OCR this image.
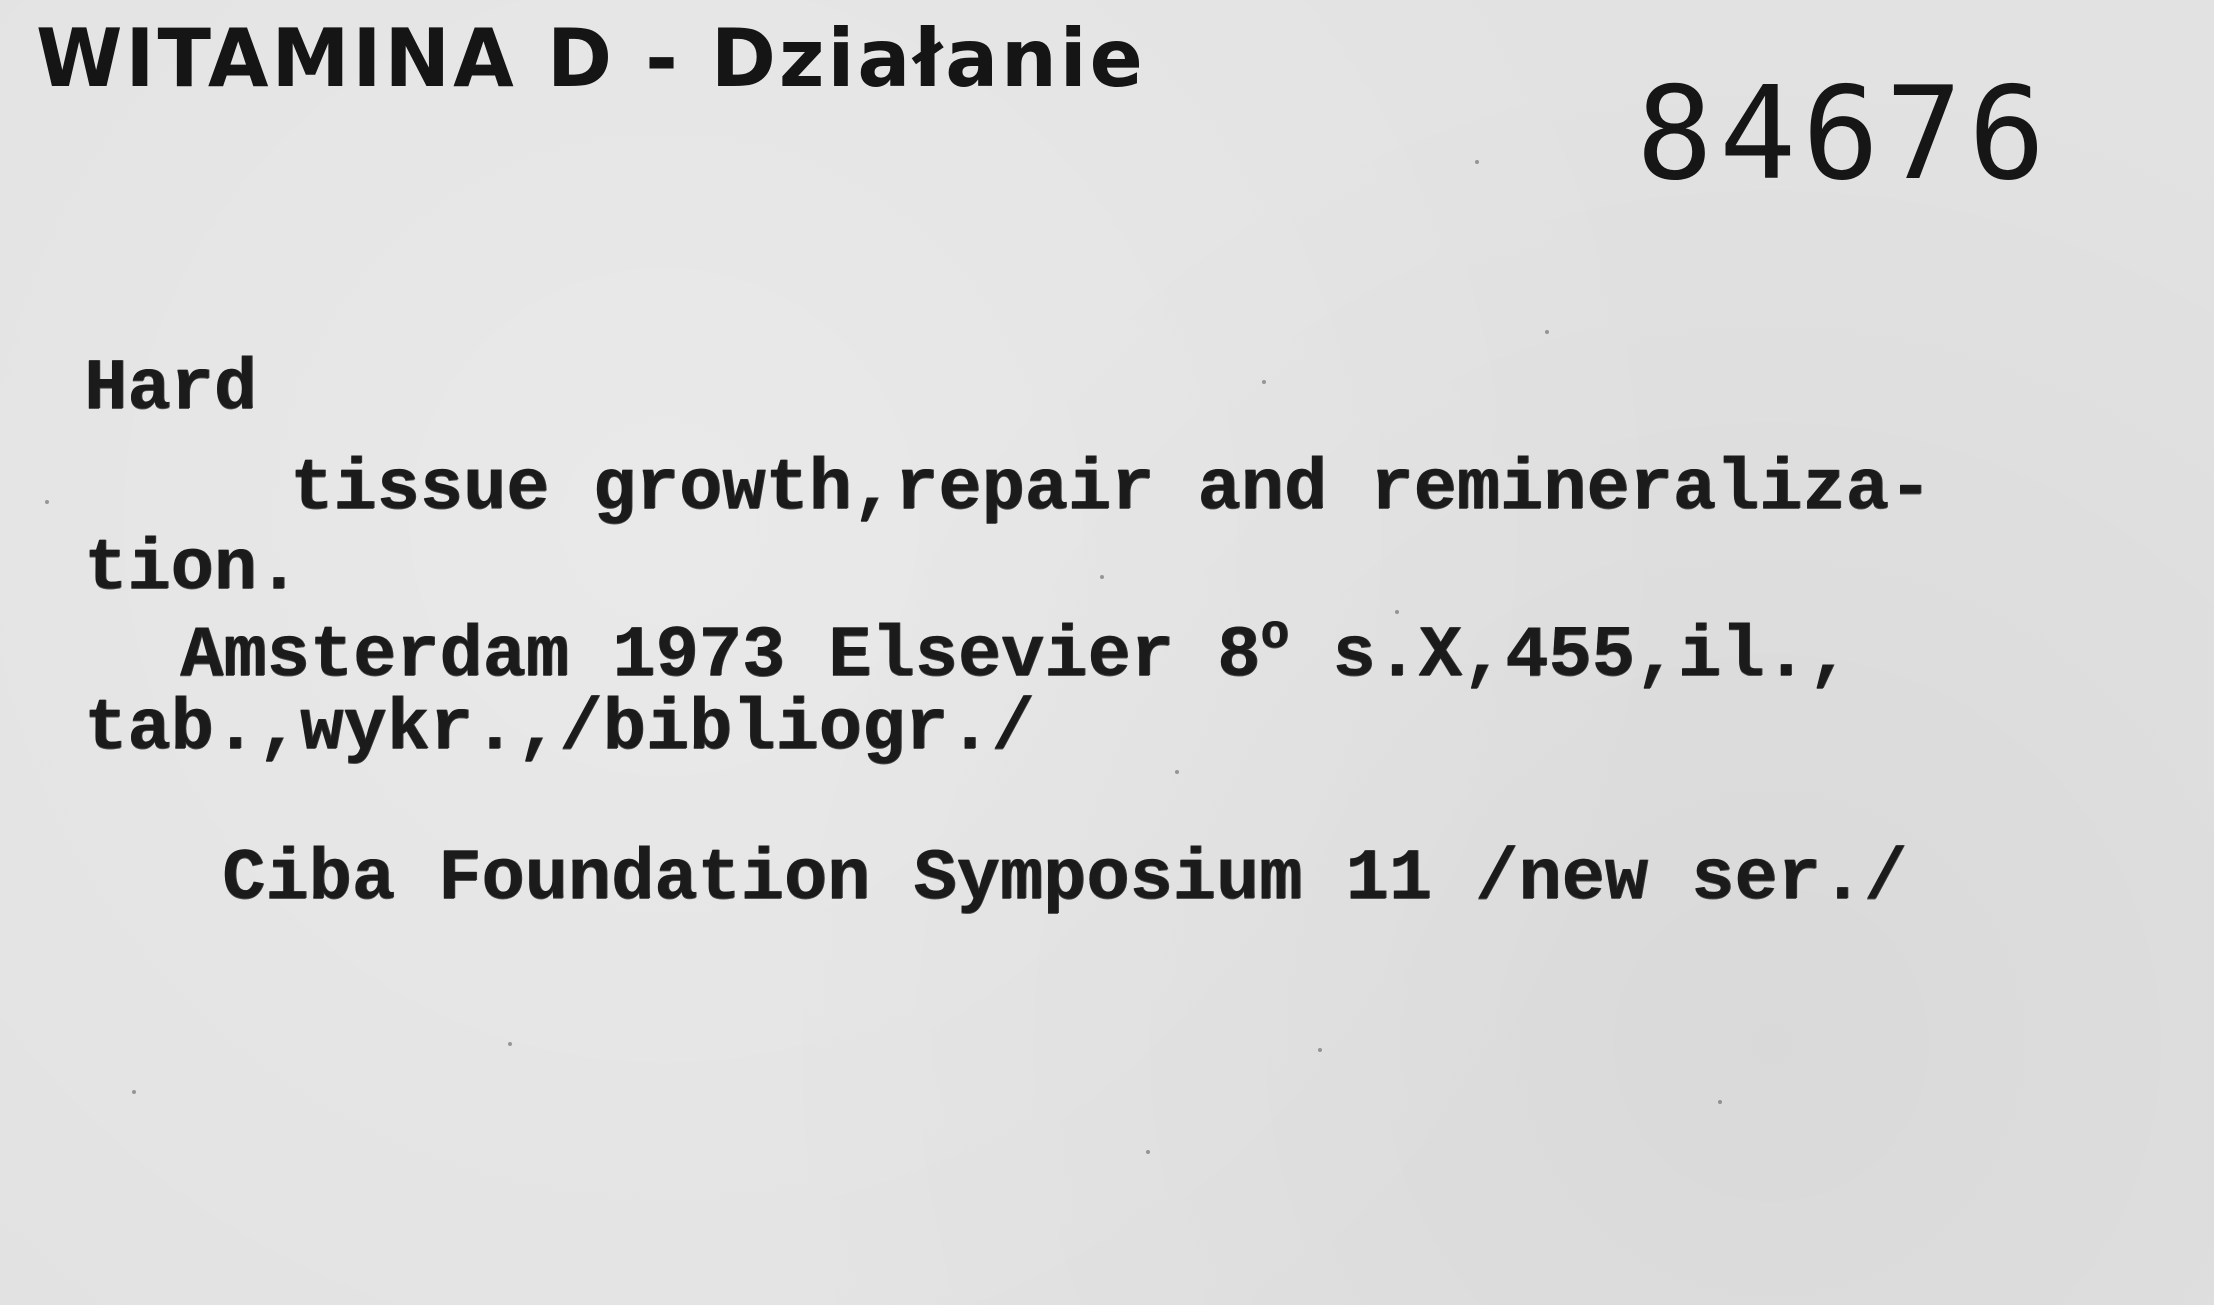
WITAMINA D - Działanie
84676
Hard
tissue growth,repair and remineraliza-
tion.
Amsterdam 1973 Elsevier 8$^o$ s.X,455,il.,
tab.,wykr.,/bibliogr./
Ciba Foundation Symposium 11 /new ser./
